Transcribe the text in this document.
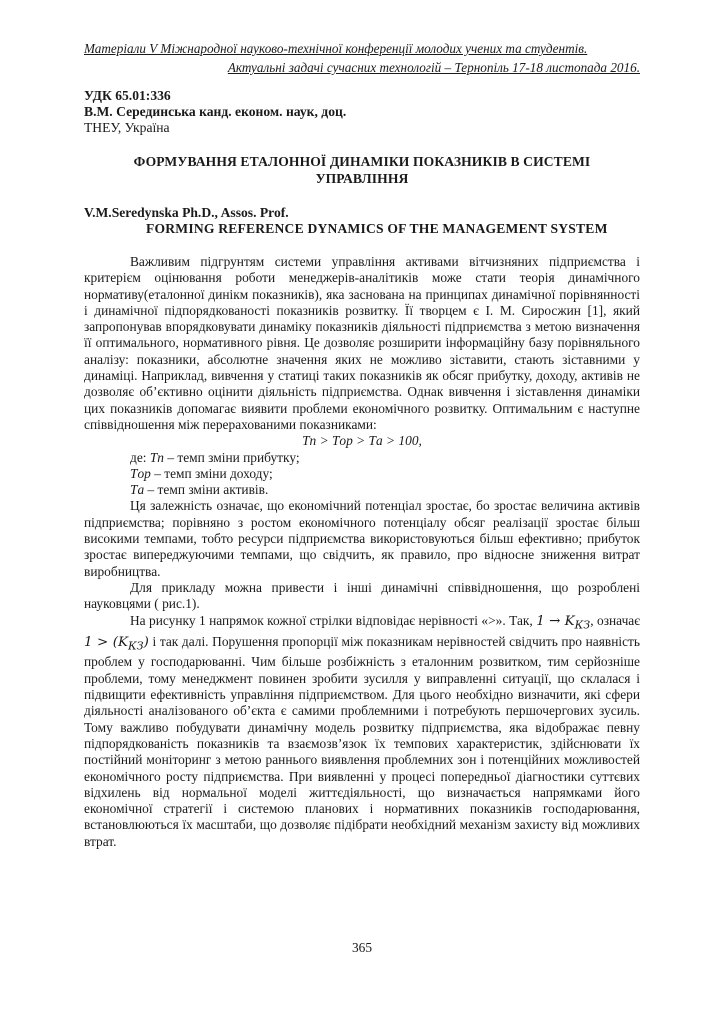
Матеріали V Міжнародної науково-технічної конференції молодих учених та студентів.
Актуальні задачі сучасних технологій – Тернопіль 17-18 листопада 2016.
УДК 65.01:336
В.М. Серединська канд. економ. наук, доц.
ТНЕУ, Україна
ФОРМУВАННЯ ЕТАЛОННОЇ ДИНАМІКИ ПОКАЗНИКІВ В СИСТЕМІ
УПРАВЛІННЯ
V.M.Seredynska Ph.D., Assos. Prof.
FORMING REFERENCE DYNAMICS OF THE MANAGEMENT SYSTEM

Важливим підгрунтям системи управління активами вітчизняних підприємства і критерієм оцінювання роботи менеджерів-аналітиків може стати теорія динамічного нормативу(еталонної динікм показників), яка заснована на принципах динамічної порівнянності і динамічної підпорядкованості показників розвитку. Її творцем є І. М. Сиросжин [1], який запропонував впорядковувати динаміку показників діяльності підприємства з метою визначення її оптимального, нормативного рівня. Це дозволяє розширити інформаційну базу порівняльного аналізу: показники, абсолютне значення яких не можливо зіставити, стають зіставними у динаміці. Наприклад, вивчення у статиці таких показників як обсяг прибутку, доходу, активів не дозволяє об’єктивно оцінити діяльність підприємства. Однак вивчення і зіставлення динаміки цих показників допомагає виявити проблеми економічного розвитку. Оптимальним є наступне співвідношення між перерахованими показниками:

Tп > Tор > Tа > 100,

де: Tп – темп зміни прибутку;

Tор – темп зміни доходу;

Tа – темп зміни активів.

Ця залежність означає, що економічний потенціал зростає, бо зростає величина активів підприємства; порівняно з ростом економічного потенціалу обсяг реалізації зростає більш високими темпами, тобто ресурси підприємства використовуються більш ефективно; прибуток зростає випереджуючими темпами, що свідчить, як правило, про відносне зниження витрат виробництва.

Для прикладу можна привести і інші динамічні співвідношення, що розроблені науковцями ( рис.1).

На рисунку 1 напрямок кожної стрілки відповідає нерівності «>». Так, $1 \to K_{КЗ}$, означає $1 > (K_{КЗ})$ і так далі. Порушення пропорції між показникам нерівностей свідчить про наявність проблем у господарюванні. Чим більше розбіжність з еталонним розвитком, тим серйозніше проблеми, тому менеджмент повинен зробити зусилля у виправленні ситуації, що склалася і підвищити ефективність управління підприємством. Для цього необхідно визначити, які сфери діяльності аналізованого об’єкта є самими проблемними і потребують першочергових зусиль. Тому важливо побудувати динамічну модель розвитку підприємства, яка відображає певну підпорядкованість показників та взаємозв’язок їх темпових характеристик, здійснювати їх постійний моніторинг з метою раннього виявлення проблемних зон і потенційних можливостей економічного росту підприємства. При виявленні у процесі попередньої діагностики суттєвих відхилень від нормальної моделі життєдіяльності, що визначається напрямками його економічної стратегії і системою планових і нормативних показників господарювання, встановлюються їх масштаби, що дозволяє підібрати необхідний механізм захисту від можливих втрат.

365
